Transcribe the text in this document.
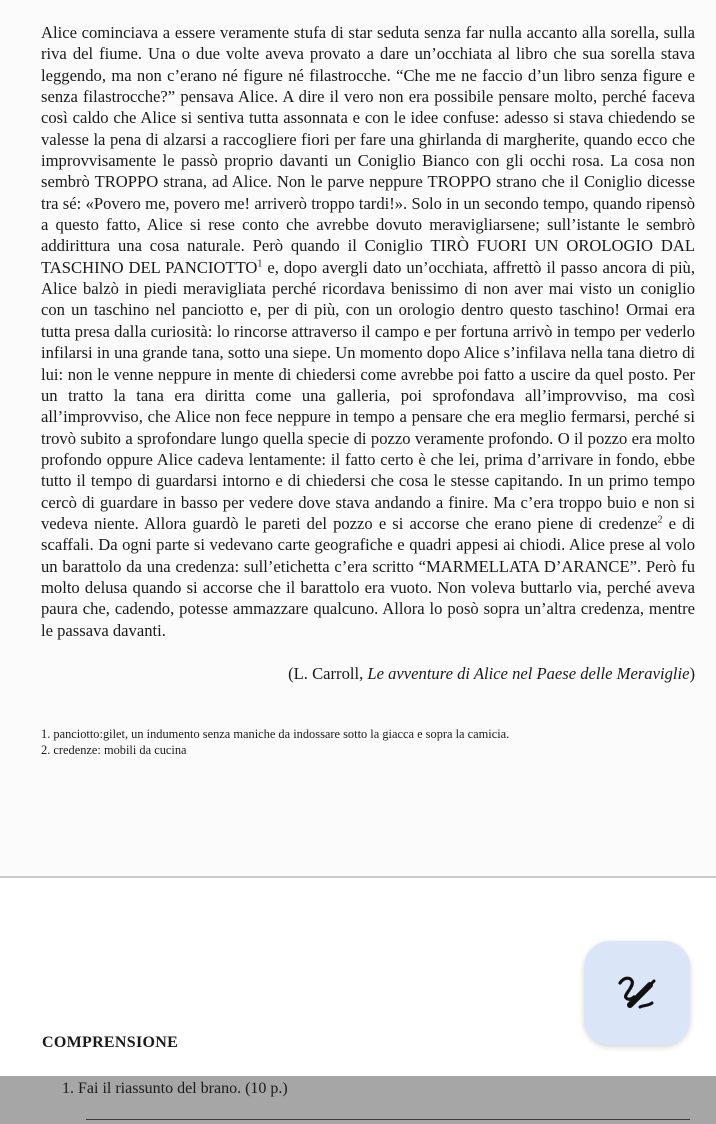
Alice cominciava a essere veramente stufa di star seduta senza far nulla accanto alla sorella, sulla riva del fiume. Una o due volte aveva provato a dare un’occhiata al libro che sua sorella stava leggendo, ma non c’erano né figure né filastrocche. “Che me ne faccio d’un libro senza figure e senza filastrocche?” pensava Alice. A dire il vero non era possibile pensare molto, perché faceva così caldo che Alice si sentiva tutta assonnata e con le idee confuse: adesso si stava chiedendo se valesse la pena di alzarsi a raccogliere fiori per fare una ghirlanda di margherite, quando ecco che improvvisamente le passò proprio davanti un Coniglio Bianco con gli occhi rosa. La cosa non sembrò TROPPO strana, ad Alice. Non le parve neppure TROPPO strano che il Coniglio dicesse tra sé: «Povero me, povero me! arriverò troppo tardi!». Solo in un secondo tempo, quando ripensò a questo fatto, Alice si rese conto che avrebbe dovuto meravigliarsene; sull’istante le sembrò addirittura una cosa naturale. Però quando il Coniglio TIRÒ FUORI UN OROLOGIO DAL TASCHINO DEL PANCIOTTO$^1$ e, dopo avergli dato un’occhiata, affrettò il passo ancora di più, Alice balzò in piedi meravigliata perché ricordava benissimo di non aver mai visto un coniglio con un taschino nel panciotto e, per di più, con un orologio dentro questo taschino! Ormai era tutta presa dalla curiosità: lo rincorse attraverso il campo e per fortuna arrivò in tempo per vederlo infilarsi in una grande tana, sotto una siepe. Un momento dopo Alice s’infilava nella tana dietro di lui: non le venne neppure in mente di chiedersi come avrebbe poi fatto a uscire da quel posto. Per un tratto la tana era diritta come una galleria, poi sprofondava all’improvviso, ma così all’improvviso, che Alice non fece neppure in tempo a pensare che era meglio fermarsi, perché si trovò subito a sprofondare lungo quella specie di pozzo veramente profondo. O il pozzo era molto profondo oppure Alice cadeva lentamente: il fatto certo è che lei, prima d’arrivare in fondo, ebbe tutto il tempo di guardarsi intorno e di chiedersi che cosa le stesse capitando. In un primo tempo cercò di guardare in basso per vedere dove stava andando a finire. Ma c’era troppo buio e non si vedeva niente. Allora guardò le pareti del pozzo e si accorse che erano piene di credenze$^2$ e di scaffali. Da ogni parte si vedevano carte geografiche e quadri appesi ai chiodi. Alice prese al volo un barattolo da una credenza: sull’etichetta c’era scritto “MARMELLATA D’ARANCE”. Però fu molto delusa quando si accorse che il barattolo era vuoto. Non voleva buttarlo via, perché aveva paura che, cadendo, potesse ammazzare qualcuno. Allora lo posò sopra un’altra credenza, mentre le passava davanti.

(L. Carroll, Le avventure di Alice nel Paese delle Meraviglie)

1. panciotto:gilet, un indumento senza maniche da indossare sotto la giacca e sopra la camicia.
2. credenze: mobili da cucina
COMPRENSIONE
1. Fai il riassunto del brano. (10 p.)
